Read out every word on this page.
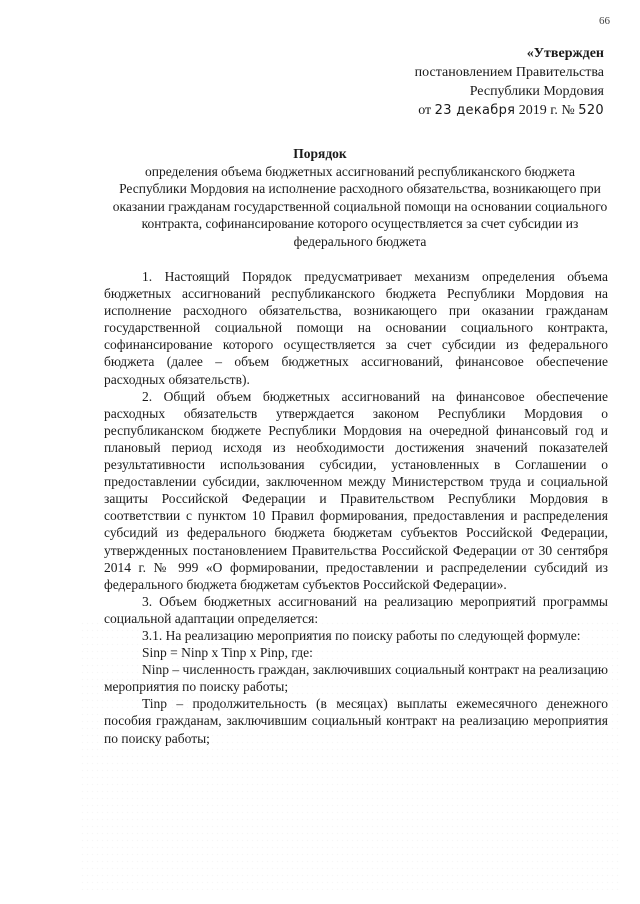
66
«Утвержден
постановлением Правительства
Республики Мордовия
от 23 декабря 2019 г. № 520
Порядок
определения объема бюджетных ассигнований республиканского бюджета Республики Мордовия на исполнение расходного обязательства, возникающего при оказании гражданам государственной социальной помощи на основании социального контракта, софинансирование которого осуществляется за счет субсидии из федерального бюджета

1. Настоящий Порядок предусматривает механизм определения объема бюджетных ассигнований республиканского бюджета Республики Мордовия на исполнение расходного обязательства, возникающего при оказании гражданам государственной социальной помощи на основании социального контракта, софинансирование которого осуществляется за счет субсидии из федерального бюджета (далее – объем бюджетных ассигнований, финансовое обеспечение расходных обязательств).

2. Общий объем бюджетных ассигнований на финансовое обеспечение расходных обязательств утверждается законом Республики Мордовия о республиканском бюджете Республики Мордовия на очередной финансовый год и плановый период исходя из необходимости достижения значений показателей результативности использования субсидии, установленных в Соглашении о предоставлении субсидии, заключенном между Министерством труда и социальной защиты Российской Федерации и Правительством Республики Мордовия в соответствии с пунктом 10 Правил формирования, предоставления и распределения субсидий из федерального бюджета бюджетам субъектов Российской Федерации, утвержденных постановлением Правительства Российской Федерации от 30 сентября 2014 г. № 999 «О формировании, предоставлении и распределении субсидий из федерального бюджета бюджетам субъектов Российской Федерации».

3. Объем бюджетных ассигнований на реализацию мероприятий программы социальной адаптации определяется:

3.1. На реализацию мероприятия по поиску работы по следующей формуле:

Sinp = Ninp x Tinp x Pinp, где:

Ninp – численность граждан, заключивших социальный контракт на реализацию мероприятия по поиску работы;

Tinp – продолжительность (в месяцах) выплаты ежемесячного денежного пособия гражданам, заключившим социальный контракт на реализацию мероприятия по поиску работы;
